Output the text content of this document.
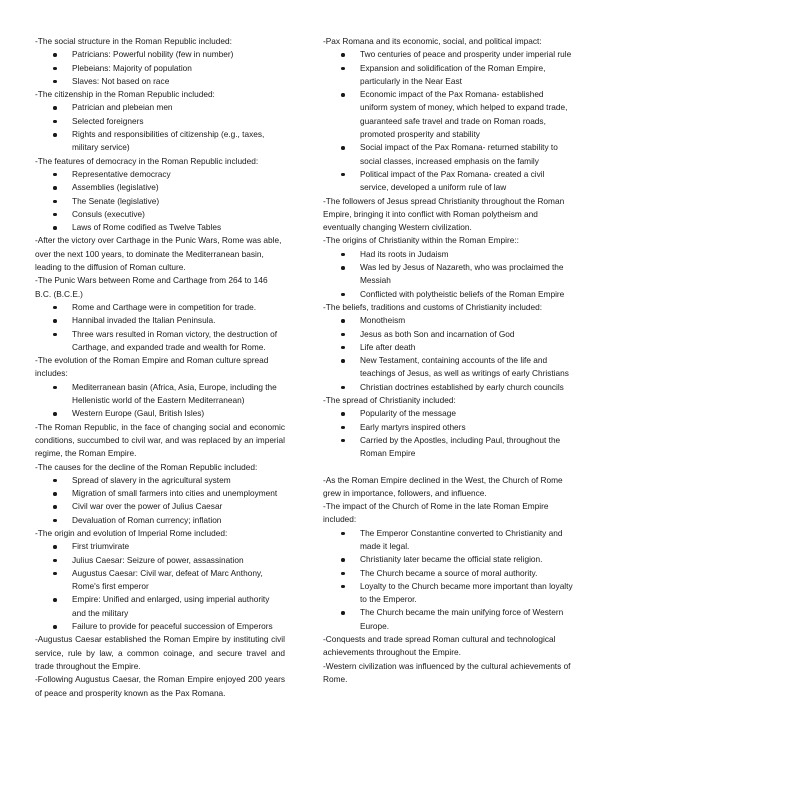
-The social structure in the Roman Republic included:

Patricians: Powerful nobility (few in number)
Plebeians: Majority of population
Slaves: Not based on race

-The citizenship in the Roman Republic included:

Patrician and plebeian men
Selected foreigners
Rights and responsibilities of citizenship (e.g., taxes, military service)

-The features of democracy in the Roman Republic included:

Representative democracy
Assemblies (legislative)
The Senate (legislative)
Consuls (executive)
Laws of Rome codified as Twelve Tables

-After the victory over Carthage in the Punic Wars, Rome was able, over the next 100 years, to dominate the Mediterranean basin, leading to the diffusion of Roman culture.

-The Punic Wars between Rome and Carthage from 264 to 146 B.C. (B.C.E.)

Rome and Carthage were in competition for trade.
Hannibal invaded the Italian Peninsula.
Three wars resulted in Roman victory, the destruction of Carthage, and expanded trade and wealth for Rome.

-The evolution of the Roman Empire and Roman culture spread includes:

Mediterranean basin (Africa, Asia, Europe, including the Hellenistic world of the Eastern Mediterranean)
Western Europe (Gaul, British Isles)

-The Roman Republic, in the face of changing social and economic conditions, succumbed to civil war, and was replaced by an imperial regime, the Roman Empire.

-The causes for the decline of the Roman Republic included:

Spread of slavery in the agricultural system
Migration of small farmers into cities and unemployment
Civil war over the power of Julius Caesar
Devaluation of Roman currency; inflation

-The origin and evolution of Imperial Rome included:

First triumvirate
Julius Caesar: Seizure of power, assassination
Augustus Caesar: Civil war, defeat of Marc Anthony, Rome's first emperor
Empire: Unified and enlarged, using imperial authority and the military
Failure to provide for peaceful succession of Emperors

-Augustus Caesar established the Roman Empire by instituting civil service, rule by law, a common coinage, and secure travel and trade throughout the Empire.

-Following Augustus Caesar, the Roman Empire enjoyed 200 years of peace and prosperity known as the Pax Romana.

-Pax Romana and its economic, social, and political impact:

Two centuries of peace and prosperity under imperial rule
Expansion and solidification of the Roman Empire, particularly in the Near East
Economic impact of the Pax Romana- established uniform system of money, which helped to expand trade, guaranteed safe travel and trade on Roman roads, promoted prosperity and stability
Social impact of the Pax Romana- returned stability to social classes, increased emphasis on the family
Political impact of the Pax Romana- created a civil service, developed a uniform rule of law

-The followers of Jesus spread Christianity throughout the Roman Empire, bringing it into conflict with Roman polytheism and eventually changing Western civilization.

-The origins of Christianity within the Roman Empire::

Had its roots in Judaism
Was led by Jesus of Nazareth, who was proclaimed the Messiah
Conflicted with polytheistic beliefs of the Roman Empire

-The beliefs, traditions and customs of Christianity included:

Monotheism
Jesus as both Son and incarnation of God
Life after death
New Testament, containing accounts of the life and teachings of Jesus, as well as writings of early Christians
Christian doctrines established by early church councils

-The spread of Christianity included:

Popularity of the message
Early martyrs inspired others
Carried by the Apostles, including Paul, throughout the Roman Empire

-As the Roman Empire declined in the West, the Church of Rome grew in importance, followers, and influence.

-The impact of the Church of Rome in the late Roman Empire included:

The Emperor Constantine converted to Christianity and made it legal.
Christianity later became the official state religion.
The Church became a source of moral authority.
Loyalty to the Church became more important than loyalty to the Emperor.
The Church became the main unifying force of Western Europe.

-Conquests and trade spread Roman cultural and technological achievements throughout the Empire.

-Western civilization was influenced by the cultural achievements of Rome.
